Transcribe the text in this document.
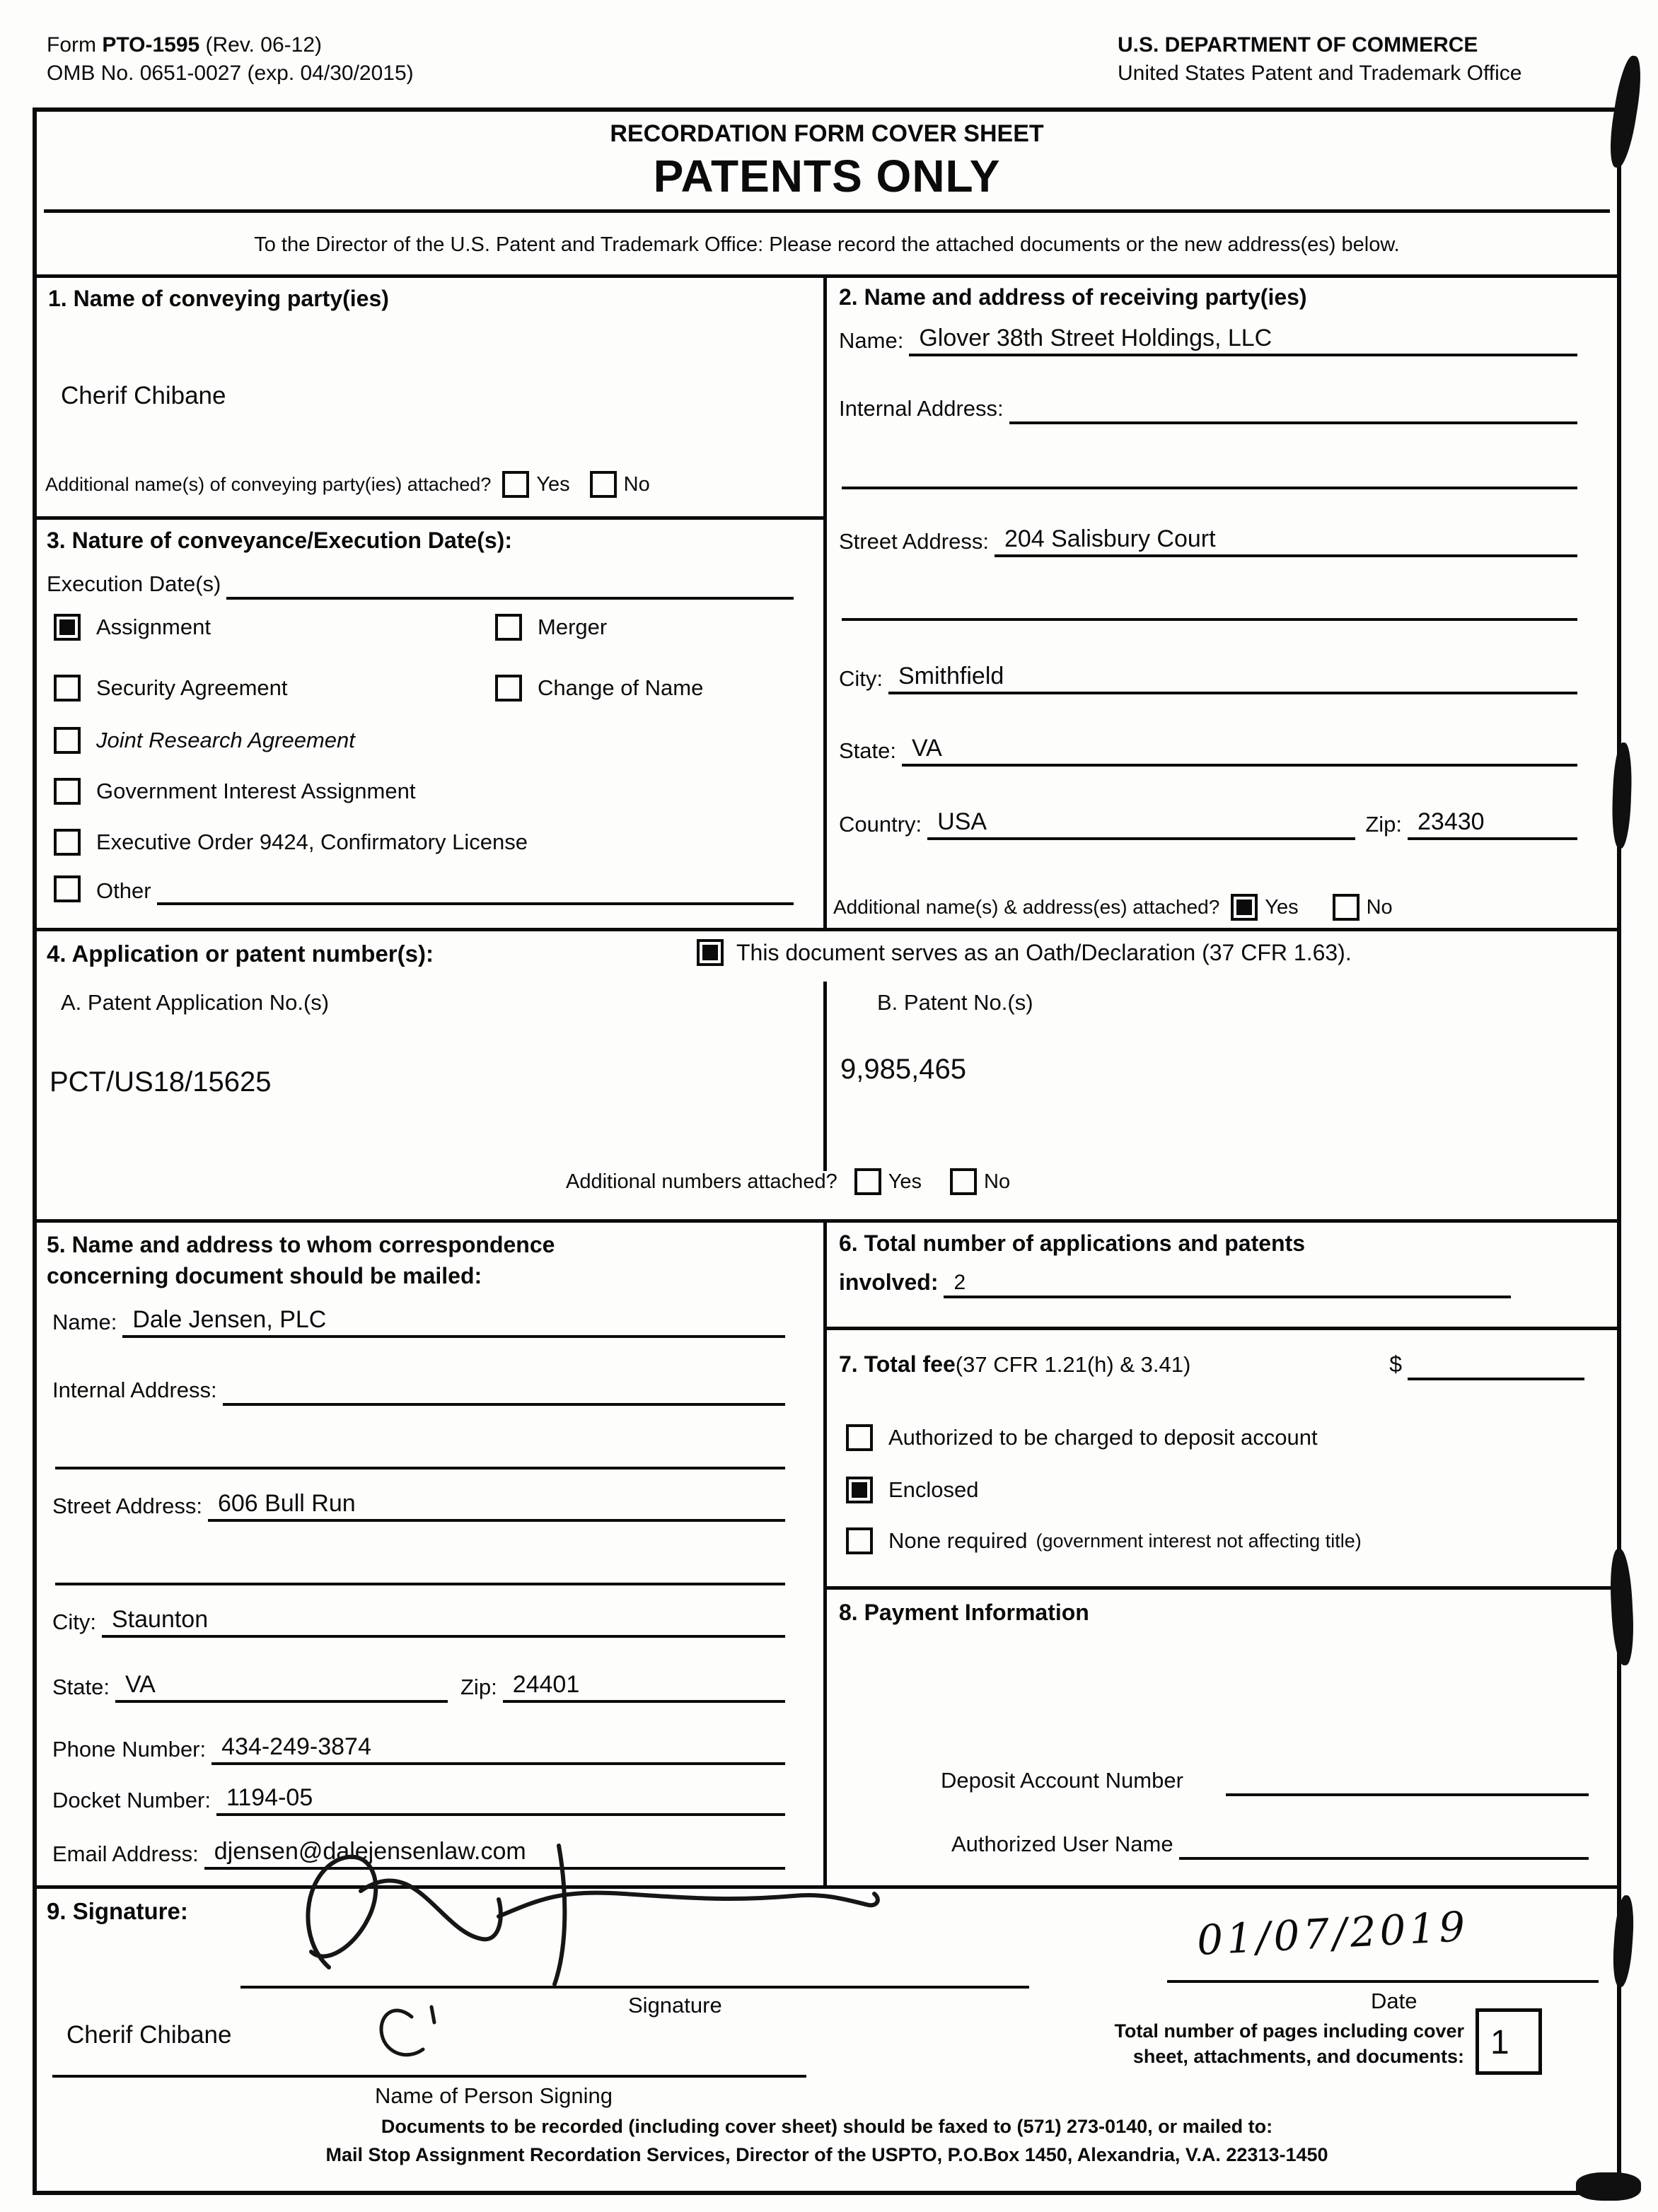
Form PTO-1595 (Rev. 06-12)
OMB No. 0651-0027 (exp. 04/30/2015)
U.S. DEPARTMENT OF COMMERCE
United States Patent and Trademark Office
RECORDATION FORM COVER SHEET
PATENTS ONLY
To the Director of the U.S. Patent and Trademark Office: Please record the attached documents or the new address(es) below.
1. Name of conveying party(ies)
Cherif Chibane
Additional name(s) of conveying party(ies) attached? Yes	No
3. Nature of conveyance/Execution Date(s):
Execution Date(s)
Assignment	Merger
Security Agreement	Change of Name
Joint Research Agreement
Government Interest Assignment
Executive Order 9424, Confirmatory License
Other
2. Name and address of receiving party(ies)
Name: Glover 38th Street Holdings, LLC
Internal Address:
Street Address: 204 Salisbury Court
City: Smithfield
State: VA
Country: USA	Zip: 23430
Additional name(s) & address(es) attached? Yes	No
4. Application or patent number(s):	This document serves as an Oath/Declaration (37 CFR 1.63).
A. Patent Application No.(s)	B. Patent No.(s)
PCT/US18/15625	9,985,465
Additional numbers attached? Yes	No
5. Name and address to whom correspondence
concerning document should be mailed:
Name: Dale Jensen, PLC
Internal Address:
Street Address: 606 Bull Run
City: Staunton
State: VA	Zip: 24401
Phone Number: 434-249-3874
Docket Number: 1194-05
Email Address: djensen@dalejensenlaw.com
6. Total number of applications and patents
involved: 2
7. Total fee (37 CFR 1.21(h) & 3.41)	$
Authorized to be charged to deposit account
Enclosed
None required (government interest not affecting title)
8. Payment Information
Deposit Account Number
Authorized User Name
9. Signature:
Signature
01/07/2019
Date
Cherif Chibane
Name of Person Signing
Total number of pages including cover
sheet, attachments, and documents: 1
Documents to be recorded (including cover sheet) should be faxed to (571) 273-0140, or mailed to:
Mail Stop Assignment Recordation Services, Director of the USPTO, P.O.Box 1450, Alexandria, V.A. 22313-1450
